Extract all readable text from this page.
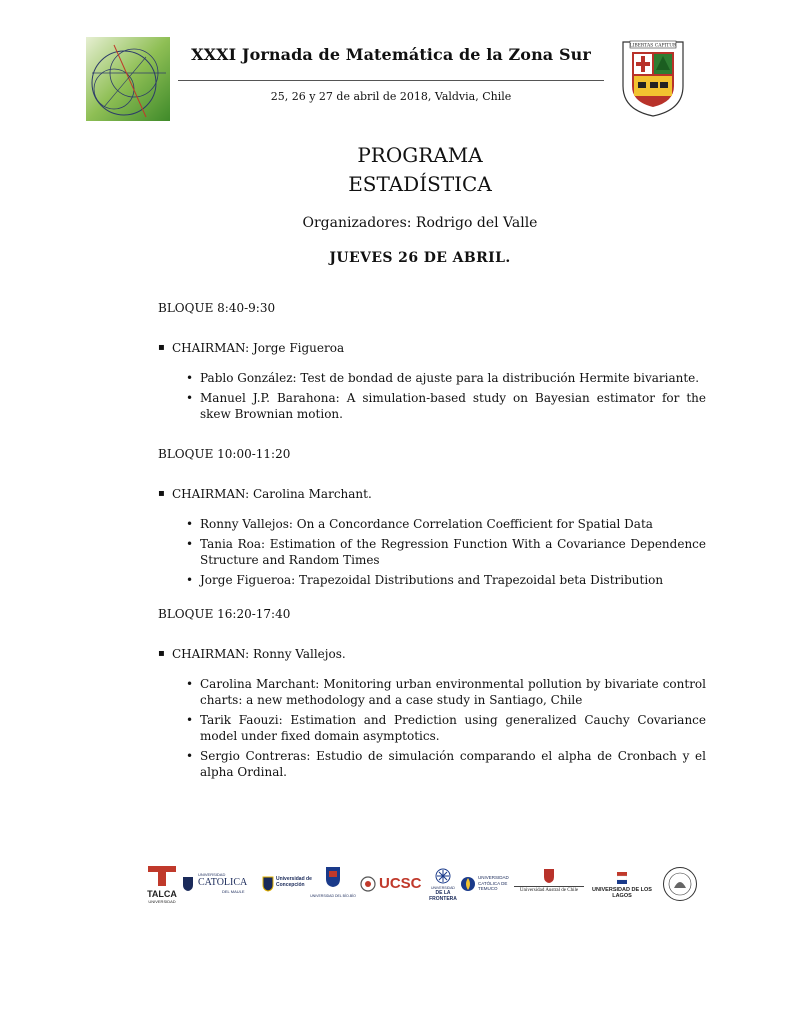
XXXI Jornada de Matemática de la Zona Sur
25, 26 y 27 de abril de 2018, Valdvia, Chile
LIBERTAS CAPITUR
PROGRAMA
ESTADÍSTICA
Organizadores: Rodrigo del Valle
JUEVES 26 DE ABRIL.
BLOQUE 8:40-9:30
▪ CHAIRMAN: Jorge Figueroa
• Pablo González: Test de bondad de ajuste para la distribución Hermite bivariante.
• Manuel J.P. Barahona: A simulation-based study on Bayesian estimator for the skew Brownian motion.
BLOQUE 10:00-11:20
▪ CHAIRMAN: Carolina Marchant.
• Ronny Vallejos: On a Concordance Correlation Coefficient for Spatial Data
• Tania Roa: Estimation of the Regression Function With a Covariance Dependence Structure and Random Times
• Jorge Figueroa: Trapezoidal Distributions and Trapezoidal beta Distribution
BLOQUE 16:20-17:40
▪ CHAIRMAN: Ronny Vallejos.
• Carolina Marchant: Monitoring urban environmental pollution by bivariate control charts: a new methodology and a case study in Santiago, Chile
• Tarik Faouzi: Estimation and Prediction using generalized Cauchy Covariance model under fixed domain asymptotics.
• Sergio Contreras: Estudio de simulación comparando el alpha de Cronbach y el alpha Ordinal.
TALCA
UNIVERSIDAD
UNIVERSIDAD
CATOLICA
DEL MAULE
Universidad de Concepción
UNIVERSIDAD DEL BÍO-BÍO
UCSC	UNIVERSIDAD
DE LA FRONTERA
UNIVERSIDAD CATÓLICA DE TEMUCO	Universidad Austral de Chile	UNIVERSIDAD DE LOS LAGOS
